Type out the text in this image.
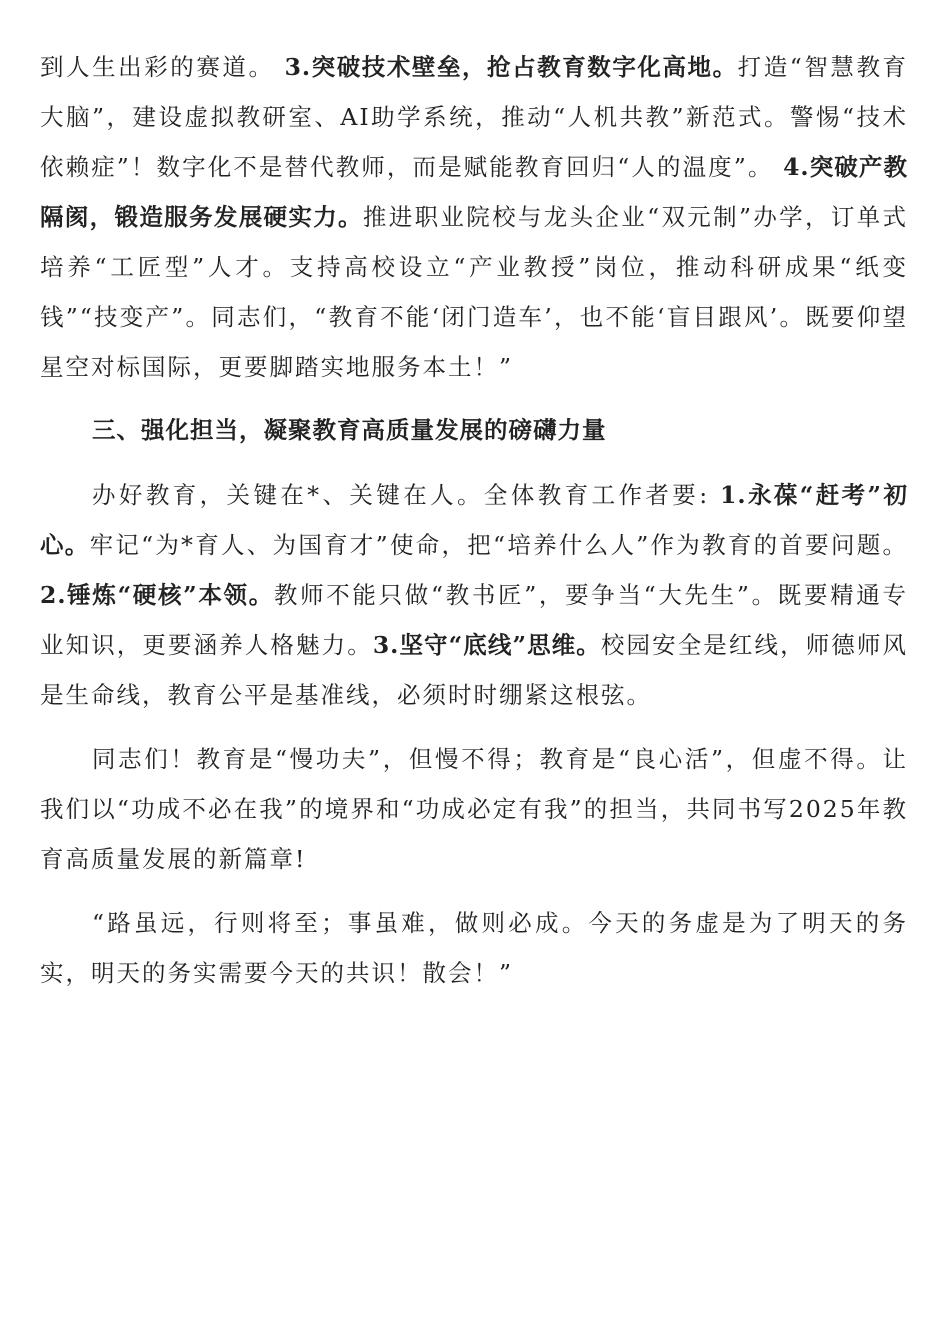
到人生出彩的赛道。 3.突破技术壁垒，抢占教育数字化高地。打造“智慧教育大脑”，建设虚拟教研室、AI助学系统，推动“人机共教”新范式。警惕“技术依赖症”！数字化不是替代教师，而是赋能教育回归“人的温度”。 4.突破产教隔阂，锻造服务发展硬实力。推进职业院校与龙头企业“双元制”办学，订单式培养“工匠型”人才。支持高校设立“产业教授”岗位，推动科研成果“纸变钱”“技变产”。同志们，“教育不能‘闭门造车’，也不能‘盲目跟风’。既要仰望星空对标国际，更要脚踏实地服务本土！”

三、强化担当，凝聚教育高质量发展的磅礴力量

办好教育，关键在*、关键在人。全体教育工作者要: 1.永葆“赶考”初心。牢记“为*育人、为国育才”使命，把“培养什么人”作为教育的首要问题。2.锤炼“硬核”本领。教师不能只做“教书匠”，要争当“大先生”。既要精通专业知识，更要涵养人格魅力。3.坚守“底线”思维。校园安全是红线，师德师风是生命线，教育公平是基准线，必须时时绷紧这根弦。

同志们！教育是“慢功夫”，但慢不得；教育是“良心活”，但虚不得。让我们以“功成不必在我”的境界和“功成必定有我”的担当，共同书写2025年教育高质量发展的新篇章!

“路虽远，行则将至；事虽难，做则必成。今天的务虚是为了明天的务实，明天的务实需要今天的共识！散会！”
